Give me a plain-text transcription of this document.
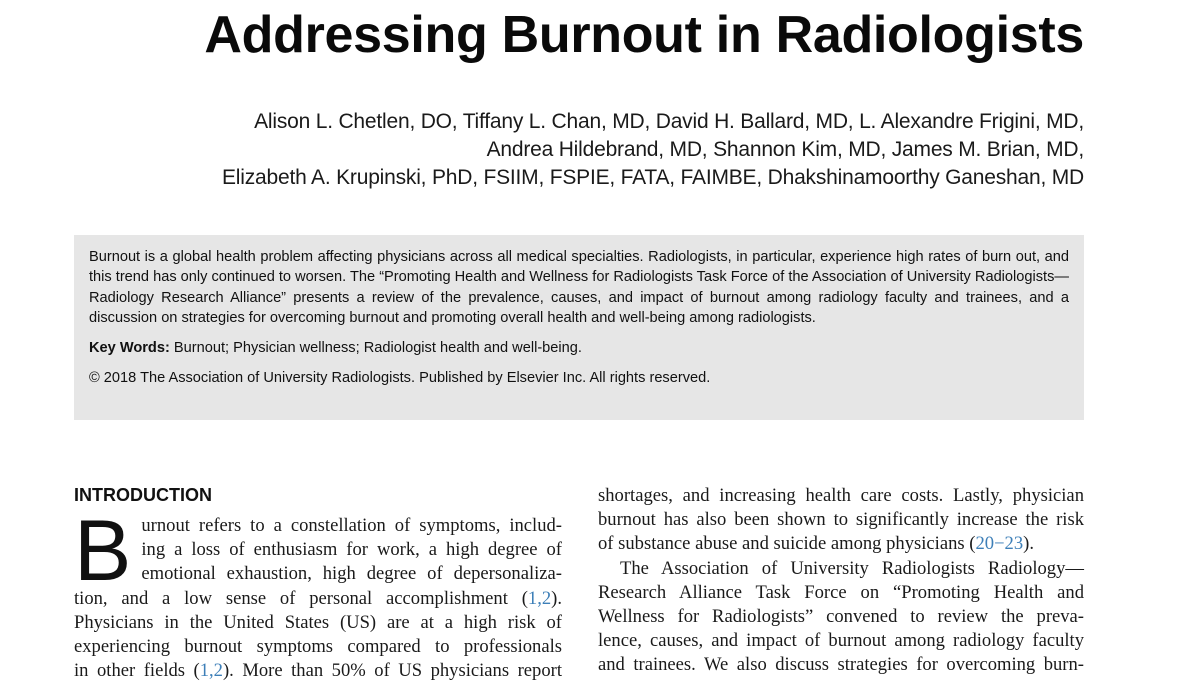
Addressing Burnout in Radiologists
Alison L. Chetlen, DO, Tiffany L. Chan, MD, David H. Ballard, MD, L. Alexandre Frigini, MD,
Andrea Hildebrand, MD, Shannon Kim, MD, James M. Brian, MD,
Elizabeth A. Krupinski, PhD, FSIIM, FSPIE, FATA, FAIMBE, Dhakshinamoorthy Ganeshan, MD

Burnout is a global health problem affecting physicians across all medical specialties. Radiologists, in particular, experience high rates of burn out, and this trend has only continued to worsen. The “Promoting Health and Wellness for Radiologists Task Force of the Association of University Radiologists—Radiology Research Alliance” presents a review of the prevalence, causes, and impact of burnout among radiology faculty and trainees, and a discussion on strategies for overcoming burnout and promoting overall health and well-being among radiologists.

Key Words: Burnout; Physician wellness; Radiologist health and well-being.
© 2018 The Association of University Radiologists. Published by Elsevier Inc. All rights reserved.
INTRODUCTION
B urnout refers to a constellation of symptoms, includ-
ing a loss of enthusiasm for work, a high degree of
emotional exhaustion, high degree of depersonaliza-
tion, and a low sense of personal accomplishment (1,2).
Physicians in the United States (US) are at a high risk of
experiencing burnout symptoms compared to professionals
in other fields (1,2). More than 50% of US physicians report
shortages, and increasing health care costs. Lastly, physician
burnout has also been shown to significantly increase the risk
of substance abuse and suicide among physicians (20−23).
The Association of University Radiologists Radiology—
Research Alliance Task Force on “Promoting Health and
Wellness for Radiologists” convened to review the preva-
lence, causes, and impact of burnout among radiology faculty
and trainees. We also discuss strategies for overcoming burn-
